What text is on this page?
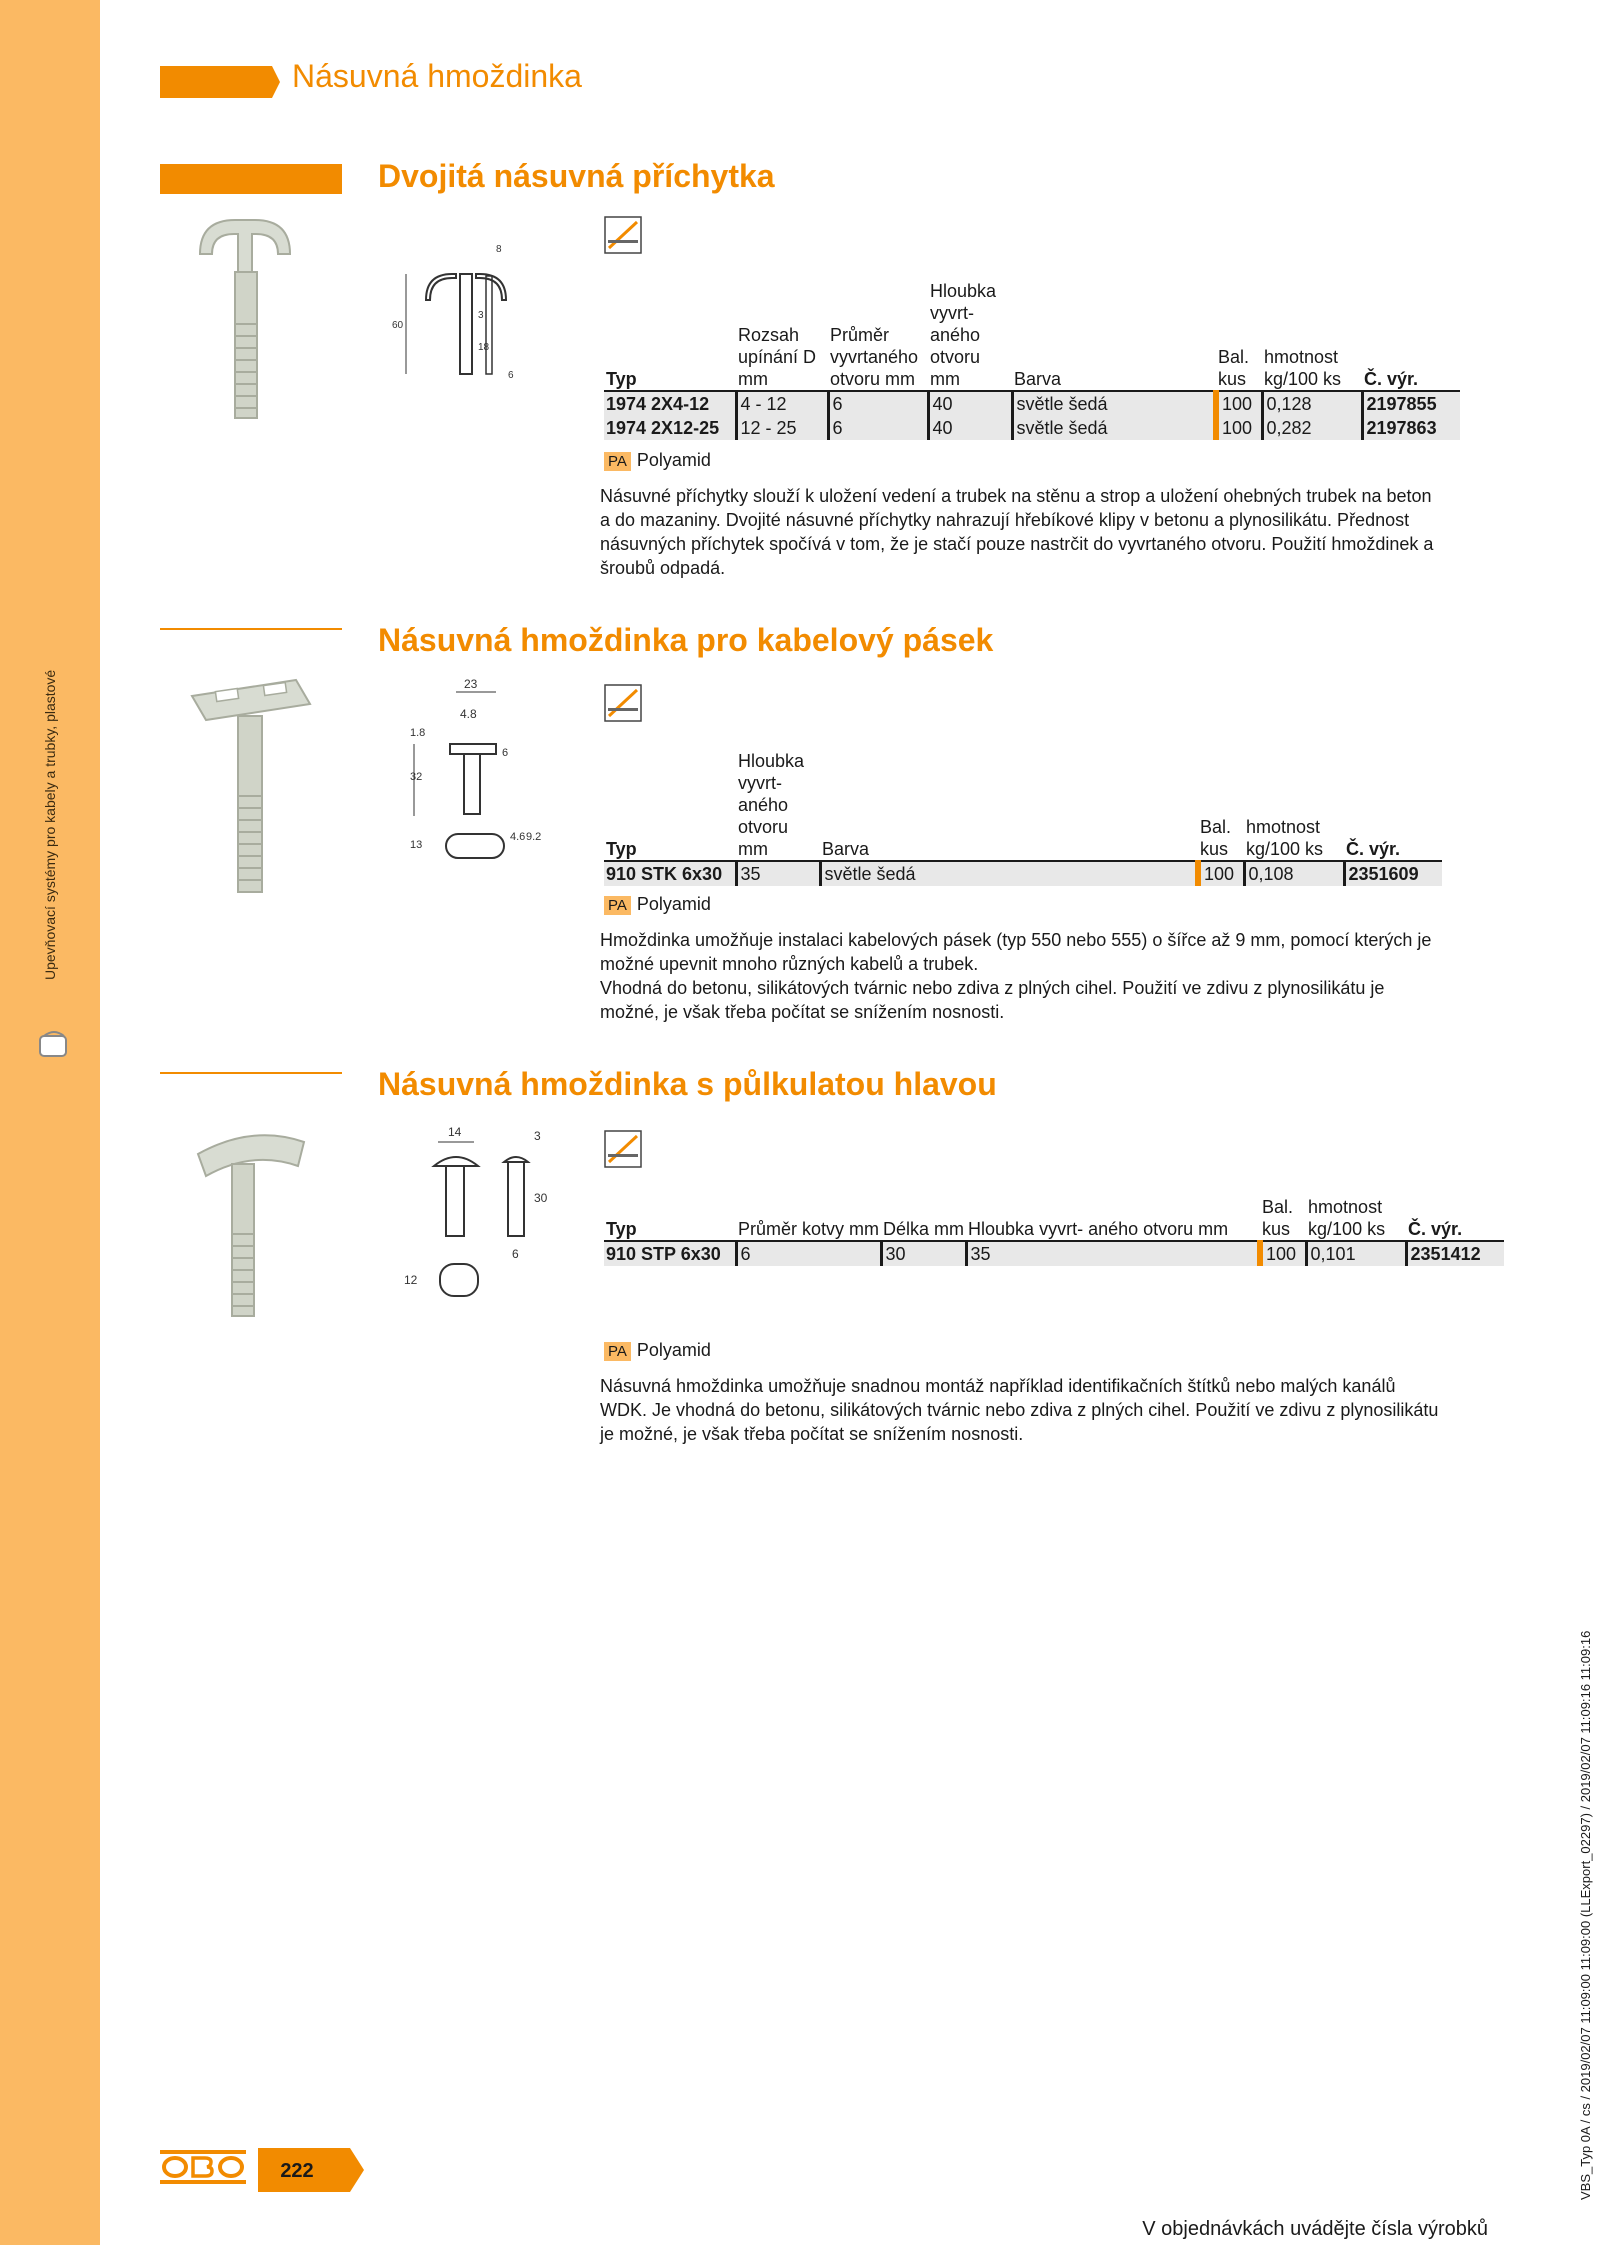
Upevňovací systémy pro kabely a trubky, plastové
Násuvná hmoždinka
Dvojitá násuvná příchytka
8
60
3
18
6	Typ	Rozsah upínání D mm	Průměr vyvrtaného otvoru mm	Hloubka vyvrt- aného otvoru mm	Barva	Bal. kus	hmotnost kg/100 ks	Č. výr.
1974 2X4-12	4 - 12	6	40	světle šedá	100	0,128	2197855
1974 2X12-25	12 - 25	6	40	světle šedá	100	0,282	2197863
PA Polyamid

Násuvné příchytky slouží k uložení vedení a trubek na stěnu a strop a uložení ohebných trubek na beton a do mazaniny. Dvojité násuvné příchytky nahrazují hřebíkové klipy v betonu a plynosilikátu. Přednost násuvných příchytek spočívá v tom, že je stačí pouze nastrčit do vyvrtaného otvoru. Použití hmoždinek a šroubů odpadá.

Násuvná hmoždinka pro kabelový pásek
23
4.8
1.8
32
6
13
4.6 9.2
Typ	Hloubka vyvrt- aného otvoru mm	Barva	Bal. kus	hmotnost kg/100 ks	Č. výr.
910 STK 6x30	35	světle šedá	100	0,108	2351609
PA Polyamid

Hmoždinka umožňuje instalaci kabelových pásek (typ 550 nebo 555) o šířce až 9 mm, pomocí kterých je možné upevnit mnoho různých kabelů a trubek.

Vhodná do betonu, silikátových tvárnic nebo zdiva z plných cihel. Použití ve zdivu z plynosilikátu je možné, je však třeba počítat se snížením nosnosti.

Násuvná hmoždinka s půlkulatou hlavou
14	3
30
6
12
Typ	Průměr kotvy mm	Délka mm	Hloubka vyvrt- aného otvoru mm	Bal. kus	hmotnost kg/100 ks	Č. výr.
910 STP 6x30	6	30	35	100	0,101	2351412
PA Polyamid

Násuvná hmoždinka umožňuje snadnou montáž například identifikačních štítků nebo malých kanálů WDK. Je vhodná do betonu, silikátových tvárnic nebo zdiva z plných cihel. Použití ve zdivu z plynosilikátu je možné, je však třeba počítat se snížením nosnosti.

222
V objednávkách uvádějte čísla výrobků
VBS_Typ 0A / cs / 2019/02/07 11:09:00 11:09:00 (LLExport_02297) / 2019/02/07 11:09:16 11:09:16
